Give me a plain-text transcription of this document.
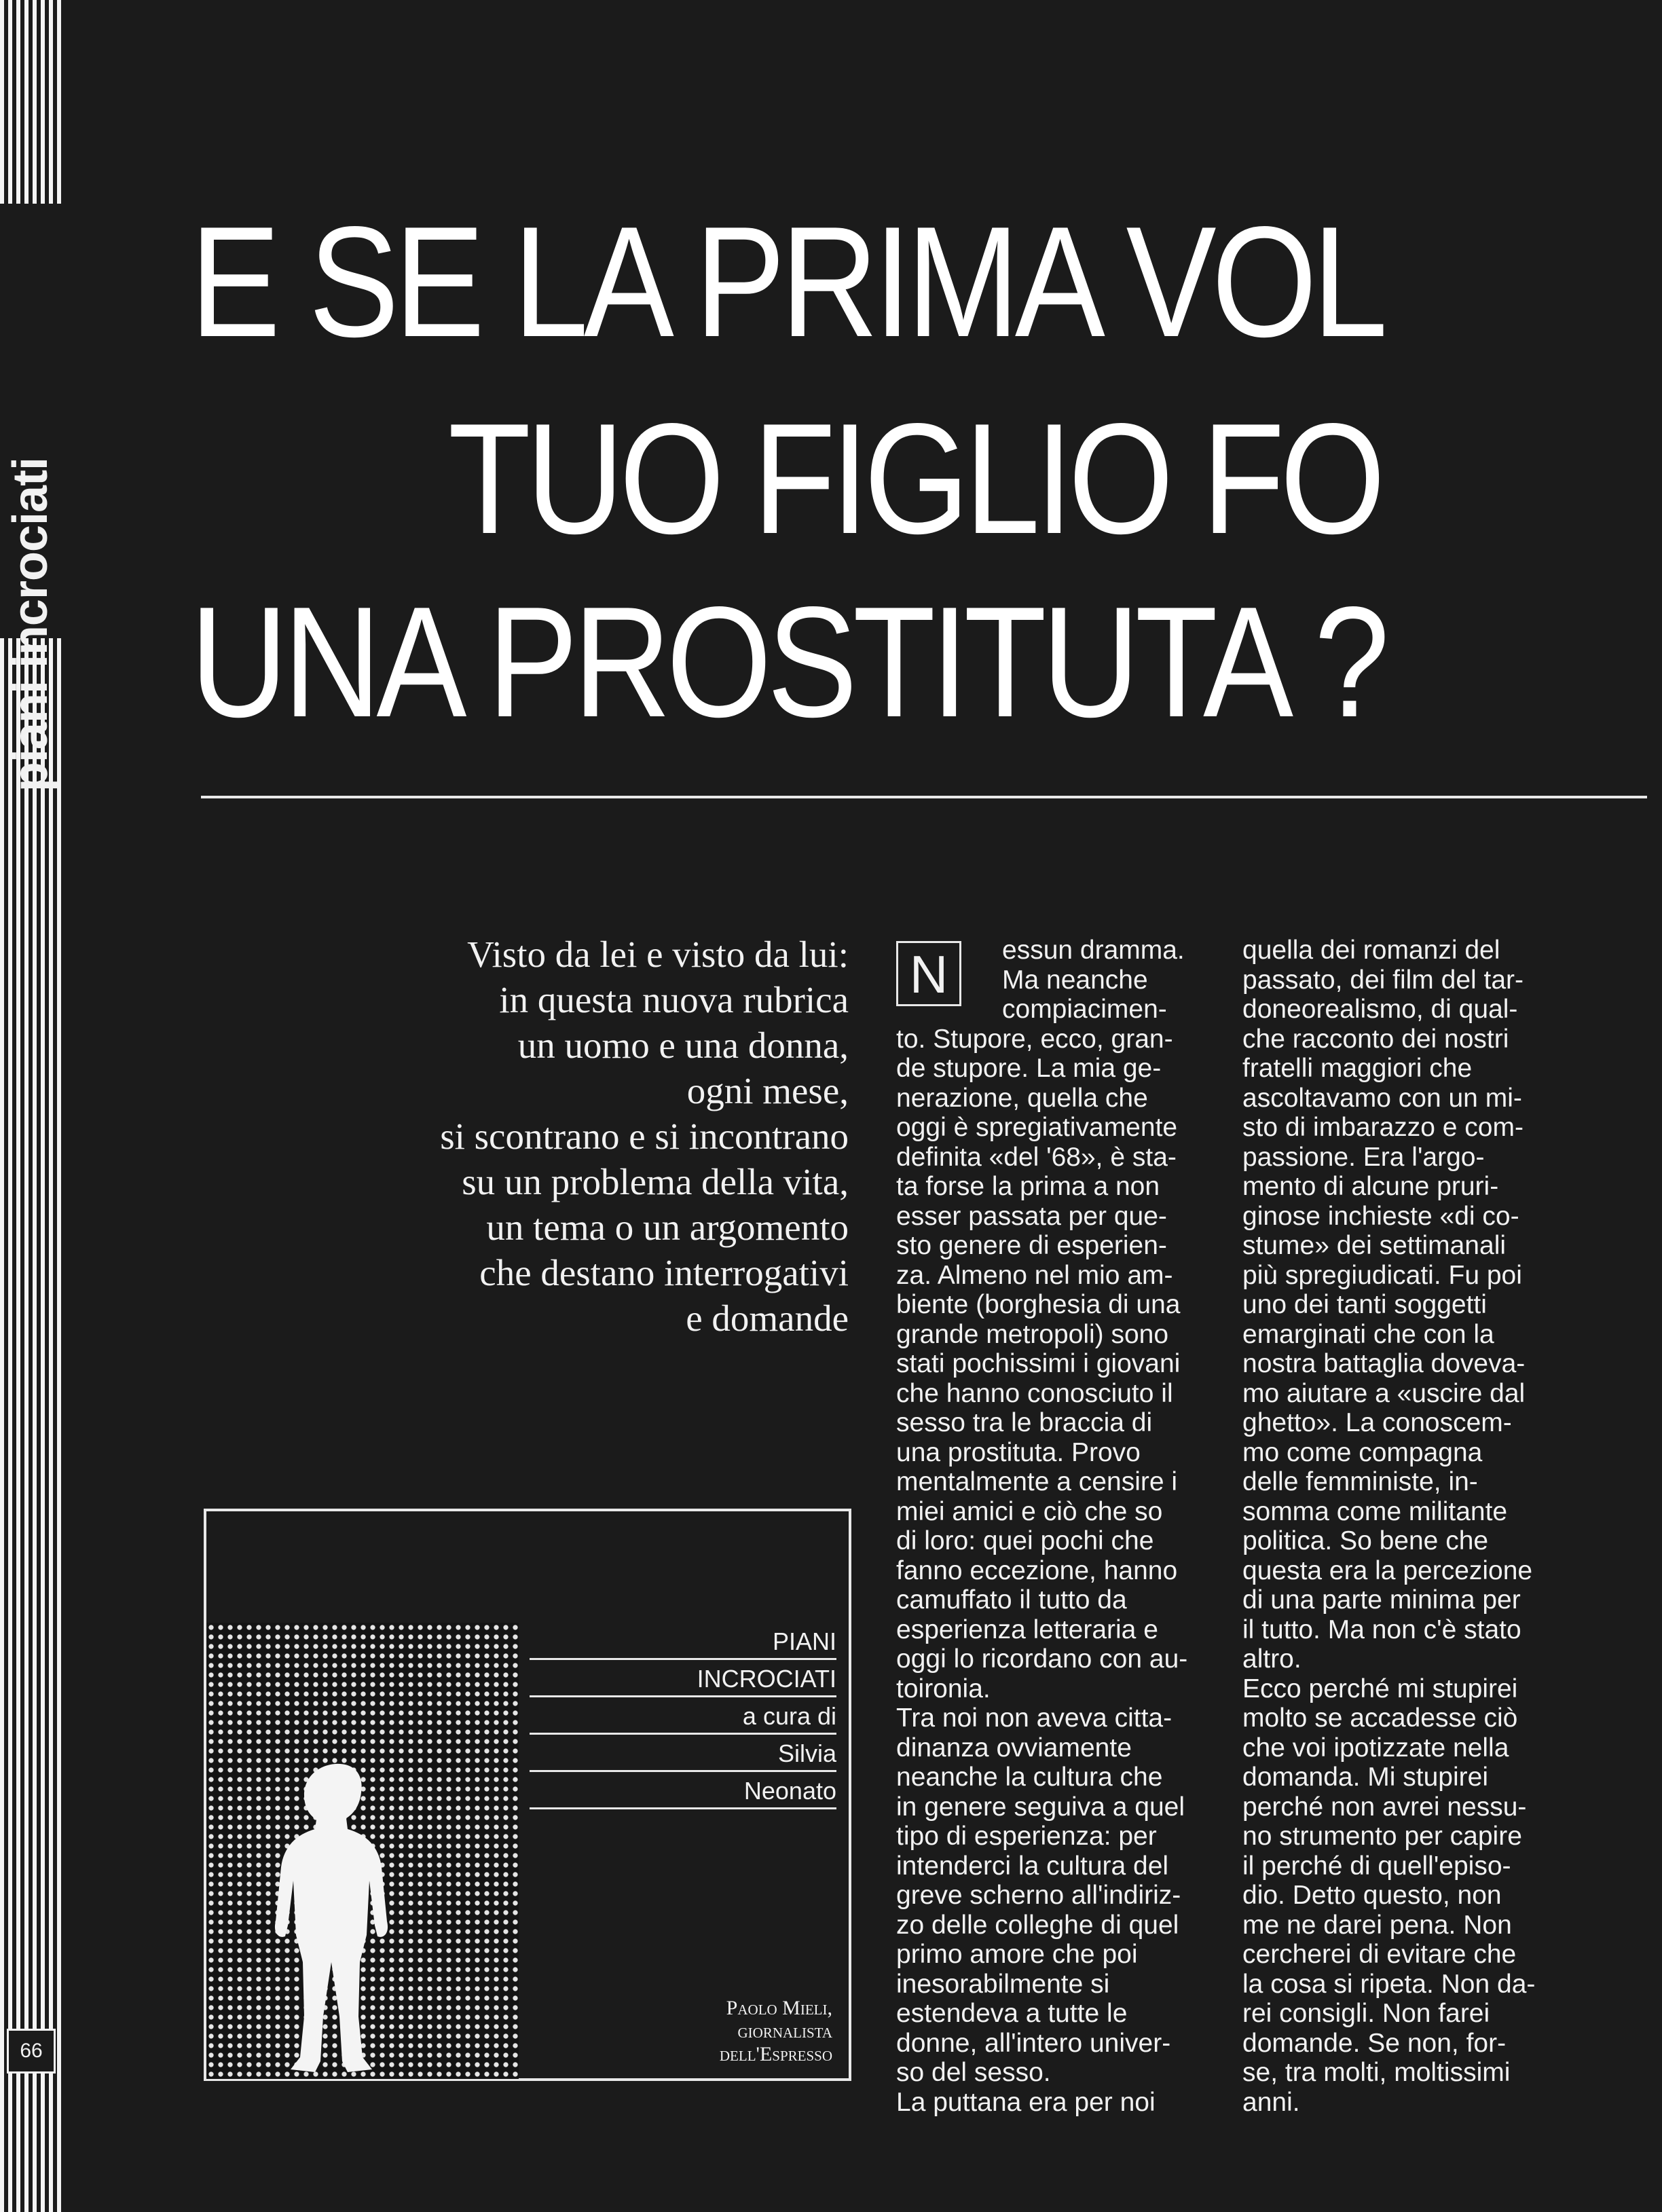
piani incrociati
66
E SE LA PRIMA VOL
TUO FIGLIO FO
UNA PROSTITUTA ?
Visto da lei e visto da lui:
in questa nuova rubrica
un uomo e una donna,
ogni mese,
si scontrano e si incontrano
su un problema della vita,
un tema o un argomento
che destano interrogativi
e domande
PIANI
INCROCIATI
a cura di
Silvia
Neonato
Paolo Mieli,
giornalista
dell'Espresso
N	essun dramma.
Ma neanche
compiacimen-
to. Stupore, ecco, gran-
de stupore. La mia ge-
nerazione, quella che
oggi è spregiativamente
definita «del '68», è sta-
ta forse la prima a non
esser passata per que-
sto genere di esperien-
za. Almeno nel mio am-
biente (borghesia di una
grande metropoli) sono
stati pochissimi i giovani
che hanno conosciuto il
sesso tra le braccia di
una prostituta. Provo
mentalmente a censire i
miei amici e ciò che so
di loro: quei pochi che
fanno eccezione, hanno
camuffato il tutto da
esperienza letteraria e
oggi lo ricordano con au-
toironia.
Tra noi non aveva citta-
dinanza ovviamente
neanche la cultura che
in genere seguiva a quel
tipo di esperienza: per
intenderci la cultura del
greve scherno all'indiriz-
zo delle colleghe di quel
primo amore che poi
inesorabilmente si
estendeva a tutte le
donne, all'intero univer-
so del sesso.
La puttana era per noi
quella dei romanzi del
passato, dei film del tar-
doneorealismo, di qual-
che racconto dei nostri
fratelli maggiori che
ascoltavamo con un mi-
sto di imbarazzo e com-
passione. Era l'argo-
mento di alcune pruri-
ginose inchieste «di co-
stume» dei settimanali
più spregiudicati. Fu poi
uno dei tanti soggetti
emarginati che con la
nostra battaglia doveva-
mo aiutare a «uscire dal
ghetto». La conoscem-
mo come compagna
delle femministe, in-
somma come militante
politica. So bene che
questa era la percezione
di una parte minima per
il tutto. Ma non c'è stato
altro.
Ecco perché mi stupirei
molto se accadesse ciò
che voi ipotizzate nella
domanda. Mi stupirei
perché non avrei nessu-
no strumento per capire
il perché di quell'episo-
dio. Detto questo, non
me ne darei pena. Non
cercherei di evitare che
la cosa si ripeta. Non da-
rei consigli. Non farei
domande. Se non, for-
se, tra molti, moltissimi
anni.
